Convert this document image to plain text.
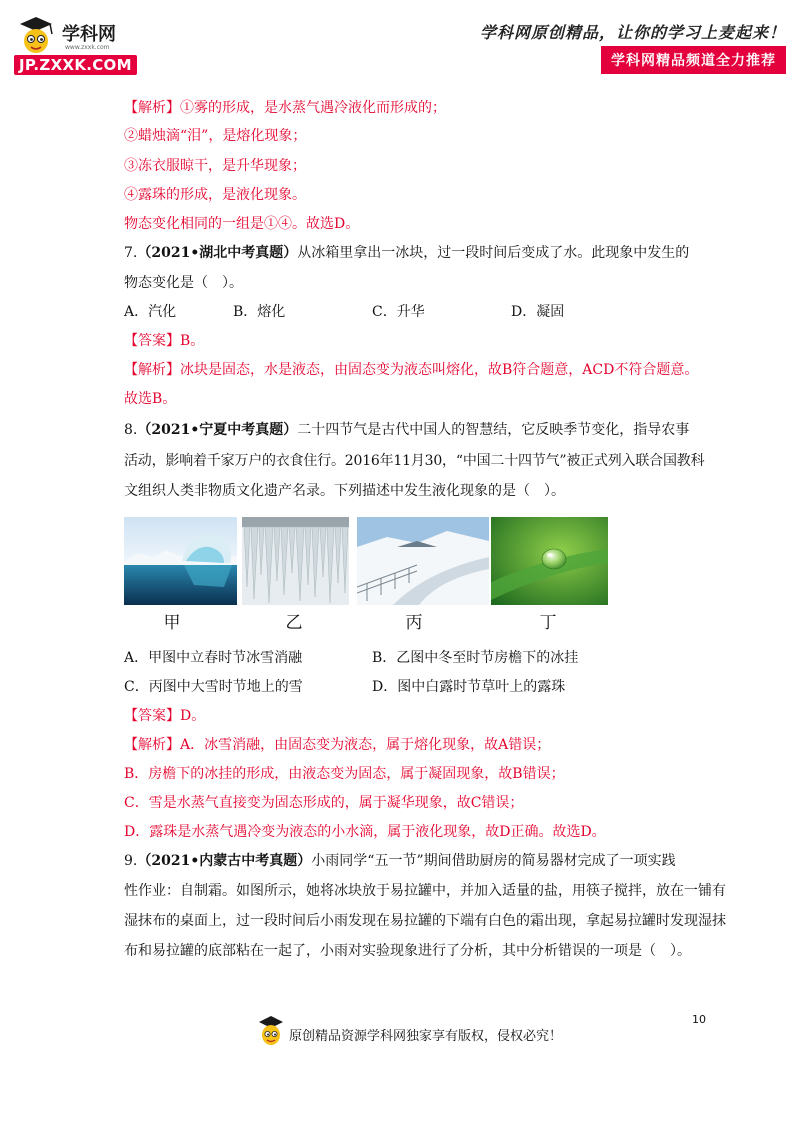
学科网
www.zxxk.com
JP.ZXXK.COM
学科网原创精品，让你的学习上麦起来！
学科网精品频道全力推荐
【解析】①雾的形成，是水蒸气遇冷液化而形成的；
②蜡烛滴“泪”，是熔化现象；
③冻衣服晾干，是升华现象；
④露珠的形成，是液化现象。
物态变化相同的一组是①④。故选D。
7.（2021•湖北中考真题）从冰箱里拿出一冰块，过一段时间后变成了水。此现象中发生的
物态变化是（　）。
A．汽化	B．熔化	C．升华	D．凝固
【答案】B。
【解析】冰块是固态，水是液态，由固态变为液态叫熔化，故B符合题意，ACD不符合题意。
故选B。
8.（2021•宁夏中考真题）二十四节气是古代中国人的智慧结，它反映季节变化，指导农事
活动，影响着千家万户的衣食住行。2016年11月30，“中国二十四节气”被正式列入联合国教科
文组织人类非物质文化遗产名录。下列描述中发生液化现象的是（　）。
甲	乙	丙	丁
A．甲图中立春时节冰雪消融	B．乙图中冬至时节房檐下的冰挂
C．丙图中大雪时节地上的雪	D．图中白露时节草叶上的露珠
【答案】D。
【解析】A．冰雪消融，由固态变为液态，属于熔化现象，故A错误；
B．房檐下的冰挂的形成，由液态变为固态，属于凝固现象，故B错误；
C．雪是水蒸气直接变为固态形成的，属于凝华现象，故C错误；
D．露珠是水蒸气遇冷变为液态的小水滴，属于液化现象，故D正确。故选D。
9.（2021•内蒙古中考真题）小雨同学“五一节”期间借助厨房的简易器材完成了一项实践
性作业：自制霜。如图所示，她将冰块放于易拉罐中，并加入适量的盐，用筷子搅拌，放在一铺有
湿抹布的桌面上，过一段时间后小雨发现在易拉罐的下端有白色的霜出现，拿起易拉罐时发现湿抹
布和易拉罐的底部粘在一起了，小雨对实验现象进行了分析，其中分析错误的一项是（　）。
原创精品资源学科网独家享有版权，侵权必究！
10
